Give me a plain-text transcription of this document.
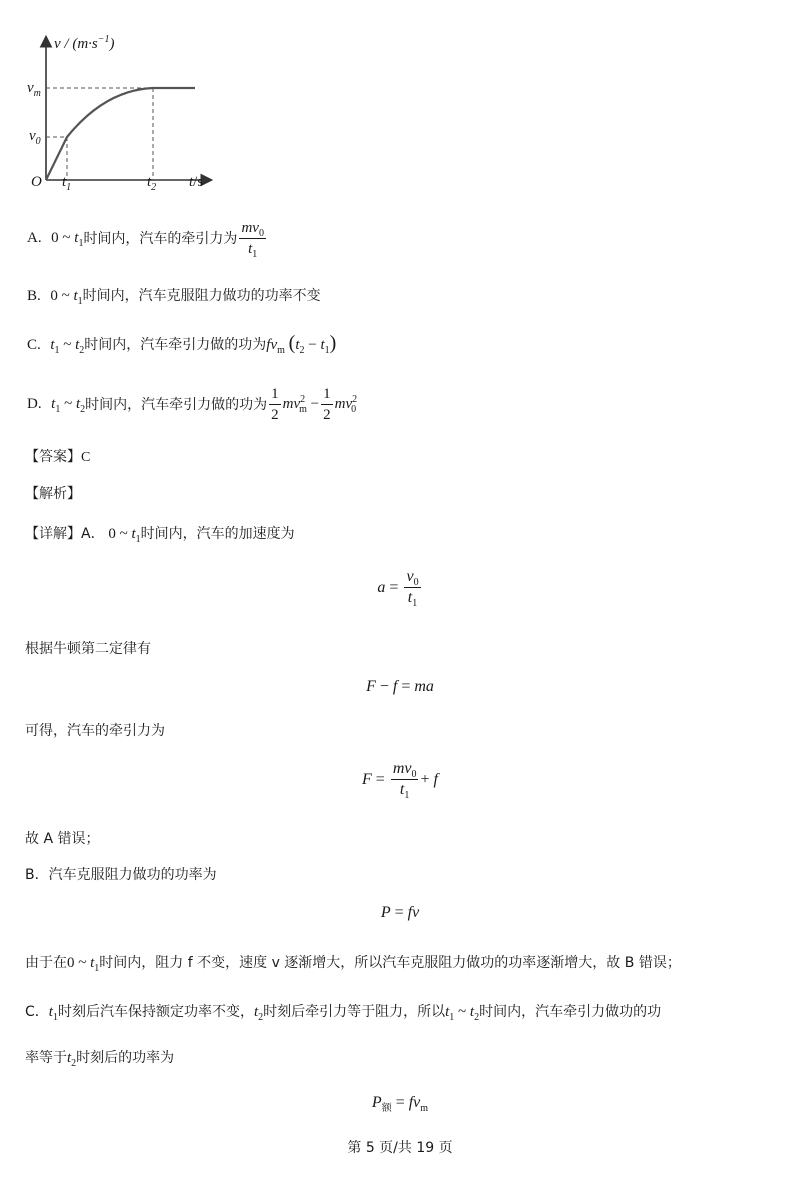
$v / (m\cdot s^{-1})$
$v_m$
$v_0$
O $t_1$	$t_2$ t/s
A.
0 ~ $t_1$ 时间内，汽车的牵引力为 $\frac{mv_0}{t_1}$
B. 0 ~ $t_1$时间内，汽车克服阻力做功的功率不变
C. $t_1$ ~ $t_2$时间内，汽车牵引力做的功为$fv_m$ $(t_2 - t_1)$
D.
$t_1$ ~ $t_2$ 时间内，汽车牵引力做的功为 $\frac{1}{2} mv^2_m - \frac{1}{2} mv^2_0$
【答案】C
【解析】
【详解】A． 0 ~ $t_1$时间内，汽车的加速度为
$a = \frac{v_0}{t_1}$
根据牛顿第二定律有
F − f = ma
可得，汽车的牵引力为
$F = \frac{mv_0}{t_1} + f$
故 A 错误；
B．汽车克服阻力做功的功率为
P = fv
由于在0 ~ $t_1$时间内，阻力 f 不变，速度 v 逐渐增大，所以汽车克服阻力做功的功率逐渐增大，故 B 错误；
C．$t_1$时刻后汽车保持额定功率不变，$t_2$时刻后牵引力等于阻力，所以$t_1$ ~ $t_2$时间内，汽车牵引力做功的功
率等于$t_2$时刻后的功率为
$P_额 = fv_m$
第 5 页/共 19 页
